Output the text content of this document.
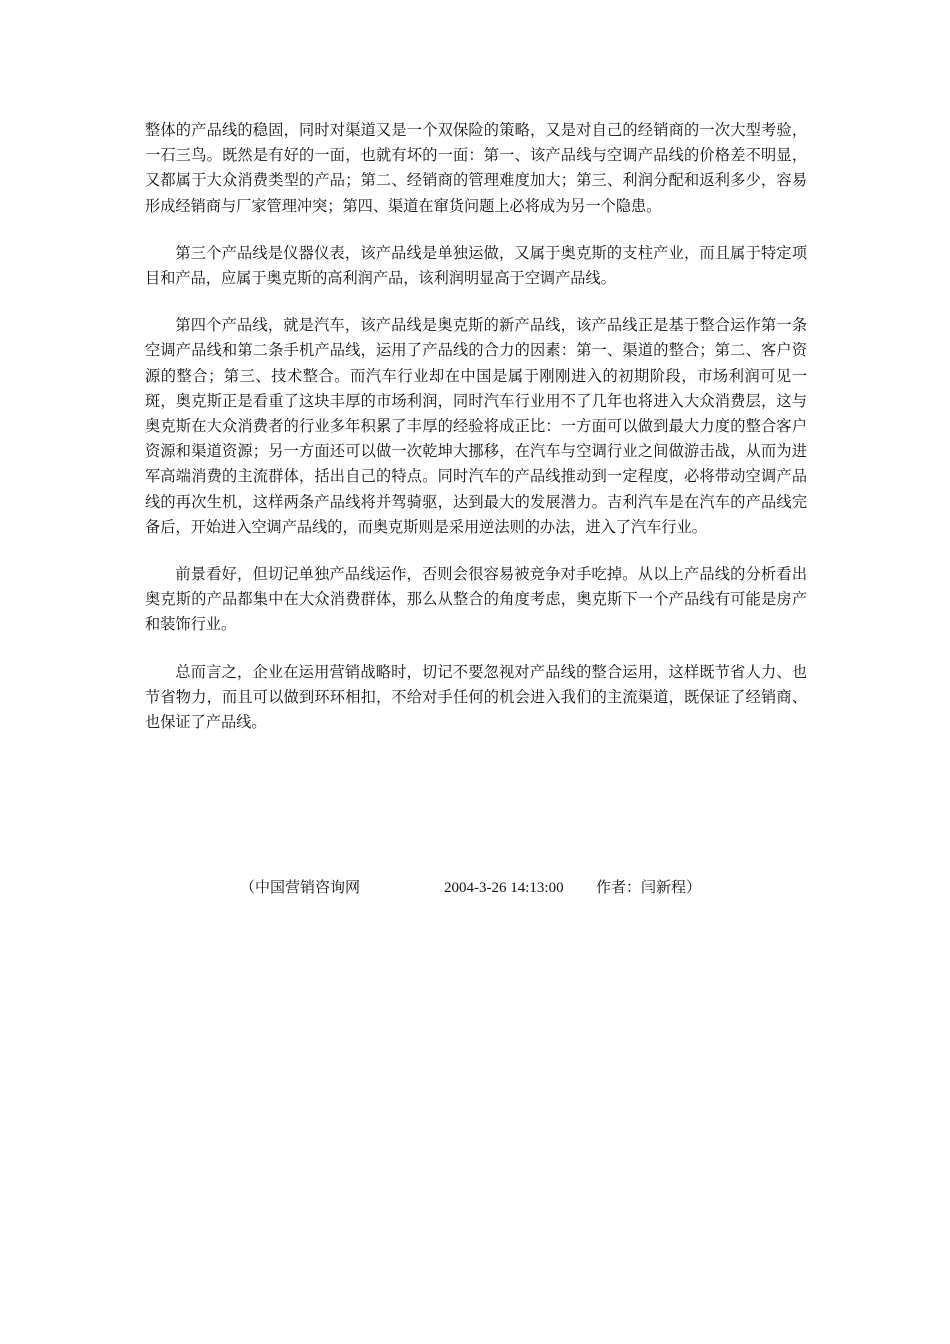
整体的产品线的稳固，同时对渠道又是一个双保险的策略，又是对自己的经销商的一次大型考验，一石三鸟。既然是有好的一面，也就有坏的一面：第一、该产品线与空调产品线的价格差不明显，又都属于大众消费类型的产品；第二、经销商的管理难度加大；第三、利润分配和返利多少，容易形成经销商与厂家管理冲突；第四、渠道在窜货问题上必将成为另一个隐患。

第三个产品线是仪器仪表，该产品线是单独运做，又属于奥克斯的支柱产业，而且属于特定项目和产品，应属于奥克斯的高利润产品，该利润明显高于空调产品线。

第四个产品线，就是汽车，该产品线是奥克斯的新产品线，该产品线正是基于整合运作第一条空调产品线和第二条手机产品线，运用了产品线的合力的因素：第一、渠道的整合；第二、客户资源的整合；第三、技术整合。而汽车行业却在中国是属于刚刚进入的初期阶段，市场利润可见一斑，奥克斯正是看重了这块丰厚的市场利润，同时汽车行业用不了几年也将进入大众消费层，这与奥克斯在大众消费者的行业多年积累了丰厚的经验将成正比：一方面可以做到最大力度的整合客户资源和渠道资源；另一方面还可以做一次乾坤大挪移，在汽车与空调行业之间做游击战，从而为进军高端消费的主流群体，括出自己的特点。同时汽车的产品线推动到一定程度，必将带动空调产品线的再次生机，这样两条产品线将并驾骑驱，达到最大的发展潜力。吉利汽车是在汽车的产品线完备后，开始进入空调产品线的，而奥克斯则是采用逆法则的办法，进入了汽车行业。

前景看好，但切记单独产品线运作，否则会很容易被竞争对手吃掉。从以上产品线的分析看出奥克斯的产品都集中在大众消费群体，那么从整合的角度考虑，奥克斯下一个产品线有可能是房产和装饰行业。

总而言之，企业在运用营销战略时，切记不要忽视对产品线的整合运用，这样既节省人力、也节省物力，而且可以做到环环相扣，不给对手任何的机会进入我们的主流渠道，既保证了经销商、也保证了产品线。

（中国营销咨询网	2004-3-26 14:13:00 作者：闫新程）
